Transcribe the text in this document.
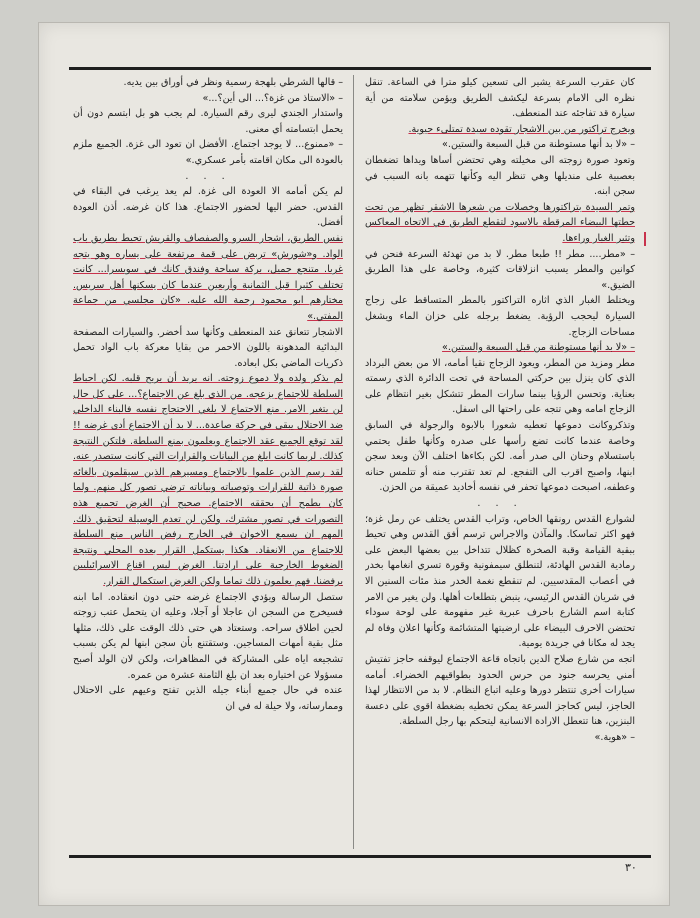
كان عقرب السرعة يشير الى تسعين كيلو مترا في الساعة. تنقل نظره الى الامام بسرعة ليكشف الطريق ويؤمن سلامته من أية سيارة قد تفاجئه عند المنعطف.

ويخرج تراكتور من بين الاشجار تقوده سيدة تمتلىء حيوية.

– «لا بد أنها مستوطنة من قبل السبعة والستين.»

وتعود صورة زوجته الى مخيلته وهي تحتضن أساها ويداها تضغطان بعصبية على منديلها وهي تنظر اليه وكأنها تتهمه بانه السبب في سجن ابنه.

وتمر السيدة بتراكتورها وخصلات من شعرها الاشقر تظهر من تحت حطتها البيضاء المرقطة بالاسود لتقطع الطريق في الاتجاه المعاكس وتثير الغبار وراءها.

– «مطر.... مطر !! طبعا مطر. لا بد من تهدئة السرعة فنحن في كوانين والمطر يسبب انزلاقات كثيرة، وخاصة على هذا الطريق الضيق.»

ويختلط الغبار الذي اثاره التراكتور بالمطر المتساقط على زجاج السيارة ليحجب الرؤية. يضغط برجله على خزان الماء ويشغل مساحات الزجاج.

– «لا بد أنها مستوطنة من قبل السبعة والستين.»

مطر ومزيد من المطر، ويعود الزجاج نقيا أمامه، الا من بعض البرداد الذي كان ينزل بين حركتي المساحة في تحت الدائرة الذي رسمته بعناية. وتحسن الرؤيا بينما سارات المطر تتشكل بغير انتظام على الزجاج امامه وهي تتجه على راحتها الى اسفل.

وتذكروكانت دموعها تعطيه شعورا بالابوة والرجولة في السابق وخاصة عندما كانت تضع رأسها على صدره وكأنها طفل يحتمي باستسلام وحنان الى صدر أمه. لكن بكاءها اختلف الآن وبعد سجن ابنها، واصبح اقرب الى التفجع. لم تعد تقترب منه أو تتلمس حنانه وعطفه، اصبحت دموعها تحفر في نفسه أخاديد عميقة من الحزن.

. . .

لشوارع القدس رونقها الخاص، وتراب القدس يختلف عن رمل غزة؛ فهو اكثر تماسكا. والمآذن والاجراس ترسم أفق القدس وهي تحيط ببقية القيامة وقبة الصخرة كظلال تتداخل بين بعضها البعض على رمادية القدس الهادئة، لتنطلق سيمفونية وقورة تسري انغامها بخدر في أعصاب المقدسيين. لم تنقطع نغمة الخدر منذ مئات السنين الا في شريان القدس الرئيسي، ينبض بتطلعات أهلها. ولن يغير من الامر كتابة اسم الشارع باحرف عبرية غير مفهومة على لوحة سوداء تحتضن الاحرف البيضاء على ارضيتها المتشائمة وكأنها اعلان وفاة لم يجد له مكانا في جريدة يومية.

اتجه من شارع صلاح الدين باتجاه قاعة الاجتماع ليوقفه حاجز تفتيش أمني يحرسه جنود من حرس الحدود بطواقيهم الخضراء. أمامه سيارات أخرى تنتظر دورها وعليه اتباع النظام. لا بد من الانتظار لهذا الحاجز، ليس كحاجز السرعة يمكن تخطيه بضغطة اقوى على دعسة البنزين، هنا تتعطل الارادة الانسانية ليتحكم بها رجل السلطة.

– «هوية.»

– قالها الشرطي بلهجة رسمية ونظر في أوراق بين يديه.

– «الاستاذ من غزة؟... الى أين؟...»

واستدار الجندي ليرى رقم السيارة. لم يجب هو بل ابتسم دون أن يحمل ابتسامته أي معنى.

– «ممنوع... لا يوجد اجتماع. الأفضل ان تعود الى غزة. الجميع ملزم بالعودة الى مكان اقامته بأمر عسكري.»

. . .

لم يكن أمامه الا العودة الى غزة. لم يعد يرغب في البقاء في القدس. حضر اليها لحضور الاجتماع. هذا كان غرضه. أذن العودة أفضل.

نفس الطريق، اشجار السرو والصفصاف والقريش تحيط بطريق باب الواد. و«شورش» تربض على قمة مرتفعة على يساره وهو يتجه غربا. متنجع جميل، بركة سباحة وفندق كانك في سويسرا... كانت تختلف كثيرا قبل الثمانية وأربعين عندما كان يسكنها أهل سريس. مختارهم ابو محمود رحمة الله عليه. «كان مجلسي من جماعة المفتي.»

الاشجار تتعانق عند المنعطف وكأنها سد أخضر. والسيارات المصفحة البدائية المدهونة باللون الاحمر من بقايا معركة باب الواد تحمل ذكريات الماضي بكل ابعاده.

لم يذكر ولده ولا دموع زوجته. انه يريد أن يريح قلبه. لكن احباط السلطة للاجتماع يزعجه. من الذي بلغ عن الاجتماع؟... على كل حال لن يتغير الامر. منع الاجتماع لا يلغي الاحتجاج نفسه فالبناء الداخلي ضد الاحتلال يبقى في حركة صاعدة... لا بد أن الاجتماع أدى غرضه !! لقد توقع الجميع عقد الاجتماع ويعلمون بمنع السلطة. فلتكن النتيجة كذلك. لربما كانت ابلغ من البيانات والقرارات التي كانت ستصدر عنه. لقد رسم الذين علموا بالاجتماع ومسيرهم الذين سيقلمون بالغائه صورة ذاتية للقرارات وتوصياته وبياناته ترضي تصور كل منهم. ولما كان يطمح أن يحققه الاجتماع. صحيح أن الغرض تجميع هذه التصورات في تصور مشترك، ولكن لن تعدم الوسيلة لتحقيق ذلك. المهم ان يسمع الاخوان في الخارج رفض الناس منع السلطة للاجتماع من الانعقاد. هكذا يستكمل القرار بعده المحلي ونتيجة الضغوط الخارجية على ارادتنا. الغرض ليس اقناع الاسرائيليين برفضنا. فهم يعلمون ذلك تماما ولكن الغرض استكمال القرار.

ستصل الرسالة ويؤدي الاجتماع غرضه حتى دون انعقاده. اما ابنه فسيخرج من السجن ان عاجلا أو آجلا، وعليه ان يتحمل عتب زوجته لحين اطلاق سراحه. وستعتاد هي حتى ذلك الوقت على ذلك، مثلها مثل بقية أمهات المساجين. وستقتنع بأن سجن ابنها لم يكن بسبب تشجيعه اياه على المشاركة في المظاهرات، ولكن لان الولد أصبح مسؤولا عن اختياره بعد ان بلغ الثامنة عشرة من عمره.

عنده في حال جميع أبناء جيله الذين تفتح وعيهم على الاحتلال وممارساته، ولا حيلة له في ان

٣٠
